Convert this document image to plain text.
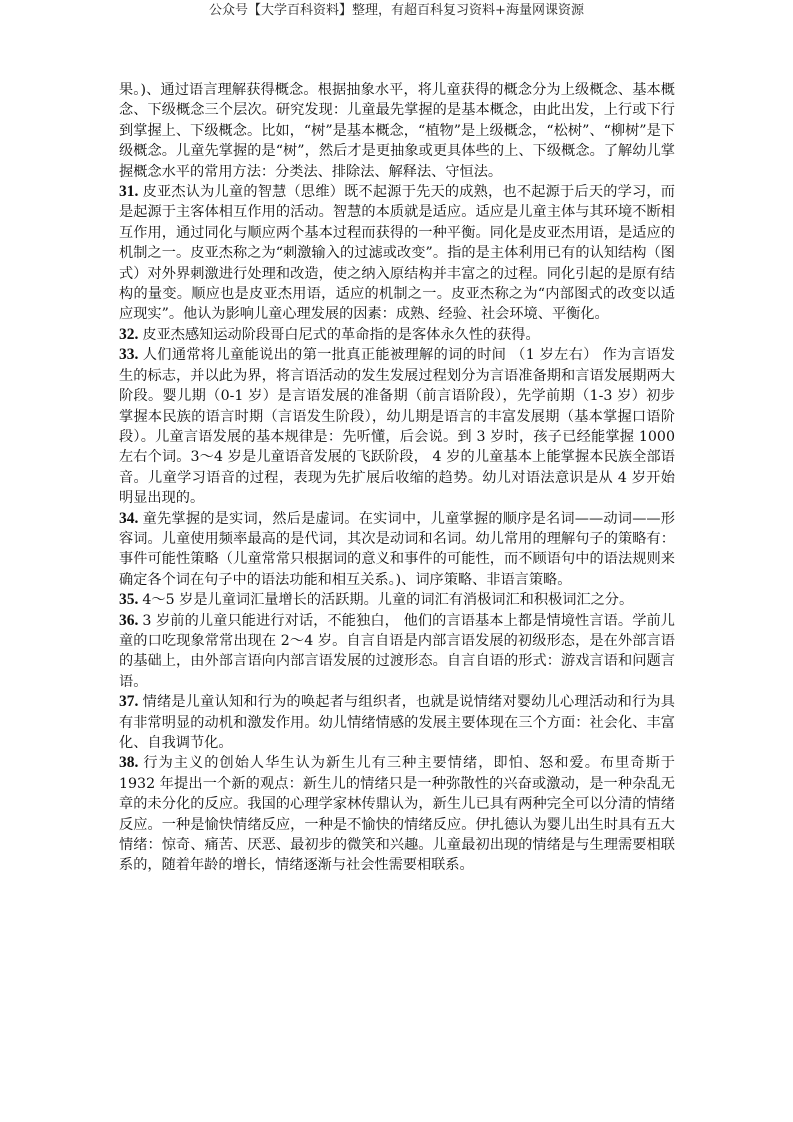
公众号【大学百科资料】整理，有超百科复习资料+海量网课资源

果。)、通过语言理解获得概念。根据抽象水平，将儿童获得的概念分为上级概念、基本概念、下级概念三个层次。研究发现：儿童最先掌握的是基本概念，由此出发，上行或下行到掌握上、下级概念。比如，“树”是基本概念，“植物”是上级概念，“松树”、“柳树”是下级概念。儿童先掌握的是“树”，然后才是更抽象或更具体些的上、下级概念。了解幼儿掌握概念水平的常用方法：分类法、排除法、解释法、守恒法。

31. 皮亚杰认为儿童的智慧（思维）既不起源于先天的成熟，也不起源于后天的学习，而是起源于主客体相互作用的活动。智慧的本质就是适应。适应是儿童主体与其环境不断相互作用，通过同化与顺应两个基本过程而获得的一种平衡。同化是皮亚杰用语，是适应的机制之一。皮亚杰称之为“刺激输入的过滤或改变”。指的是主体利用已有的认知结构（图式）对外界刺激进行处理和改造，使之纳入原结构并丰富之的过程。同化引起的是原有结构的量变。顺应也是皮亚杰用语，适应的机制之一。皮亚杰称之为“内部图式的改变以适应现实”。他认为影响儿童心理发展的因素：成熟、经验、社会环境、平衡化。

32. 皮亚杰感知运动阶段哥白尼式的革命指的是客体永久性的获得。

33. 人们通常将儿童能说出的第一批真正能被理解的词的时间 （1 岁左右） 作为言语发生的标志，并以此为界，将言语活动的发生发展过程划分为言语准备期和言语发展期两大阶段。婴儿期（0-1 岁）是言语发展的准备期（前言语阶段），先学前期（1-3 岁）初步掌握本民族的语言时期（言语发生阶段），幼儿期是语言的丰富发展期（基本掌握口语阶段）。儿童言语发展的基本规律是：先听懂，后会说。到 3 岁时，孩子已经能掌握 1000 左右个词。3～4 岁是儿童语音发展的飞跃阶段， 4 岁的儿童基本上能掌握本民族全部语音。儿童学习语音的过程，表现为先扩展后收缩的趋势。幼儿对语法意识是从 4 岁开始明显出现的。

34. 童先掌握的是实词，然后是虚词。在实词中，儿童掌握的顺序是名词——动词——形容词。儿童使用频率最高的是代词，其次是动词和名词。幼儿常用的理解句子的策略有：事件可能性策略（儿童常常只根据词的意义和事件的可能性，而不顾语句中的语法规则来确定各个词在句子中的语法功能和相互关系。)、词序策略、非语言策略。

35. 4～5 岁是儿童词汇量增长的活跃期。儿童的词汇有消极词汇和积极词汇之分。

36. 3 岁前的儿童只能进行对话，不能独白， 他们的言语基本上都是情境性言语。学前儿童的口吃现象常常出现在 2～4 岁。自言自语是内部言语发展的初级形态，是在外部言语的基础上，由外部言语向内部言语发展的过渡形态。自言自语的形式：游戏言语和问题言语。

37. 情绪是儿童认知和行为的唤起者与组织者，也就是说情绪对婴幼儿心理活动和行为具有非常明显的动机和激发作用。幼儿情绪情感的发展主要体现在三个方面：社会化、丰富化、自我调节化。

38. 行为主义的创始人华生认为新生儿有三种主要情绪，即怕、怒和爱。布里奇斯于 1932 年提出一个新的观点：新生儿的情绪只是一种弥散性的兴奋或激动，是一种杂乱无章的未分化的反应。我国的心理学家林传鼎认为，新生儿已具有两种完全可以分清的情绪反应。一种是愉快情绪反应，一种是不愉快的情绪反应。伊扎德认为婴儿出生时具有五大情绪：惊奇、痛苦、厌恶、最初步的微笑和兴趣。儿童最初出现的情绪是与生理需要相联系的，随着年龄的增长，情绪逐渐与社会性需要相联系。
